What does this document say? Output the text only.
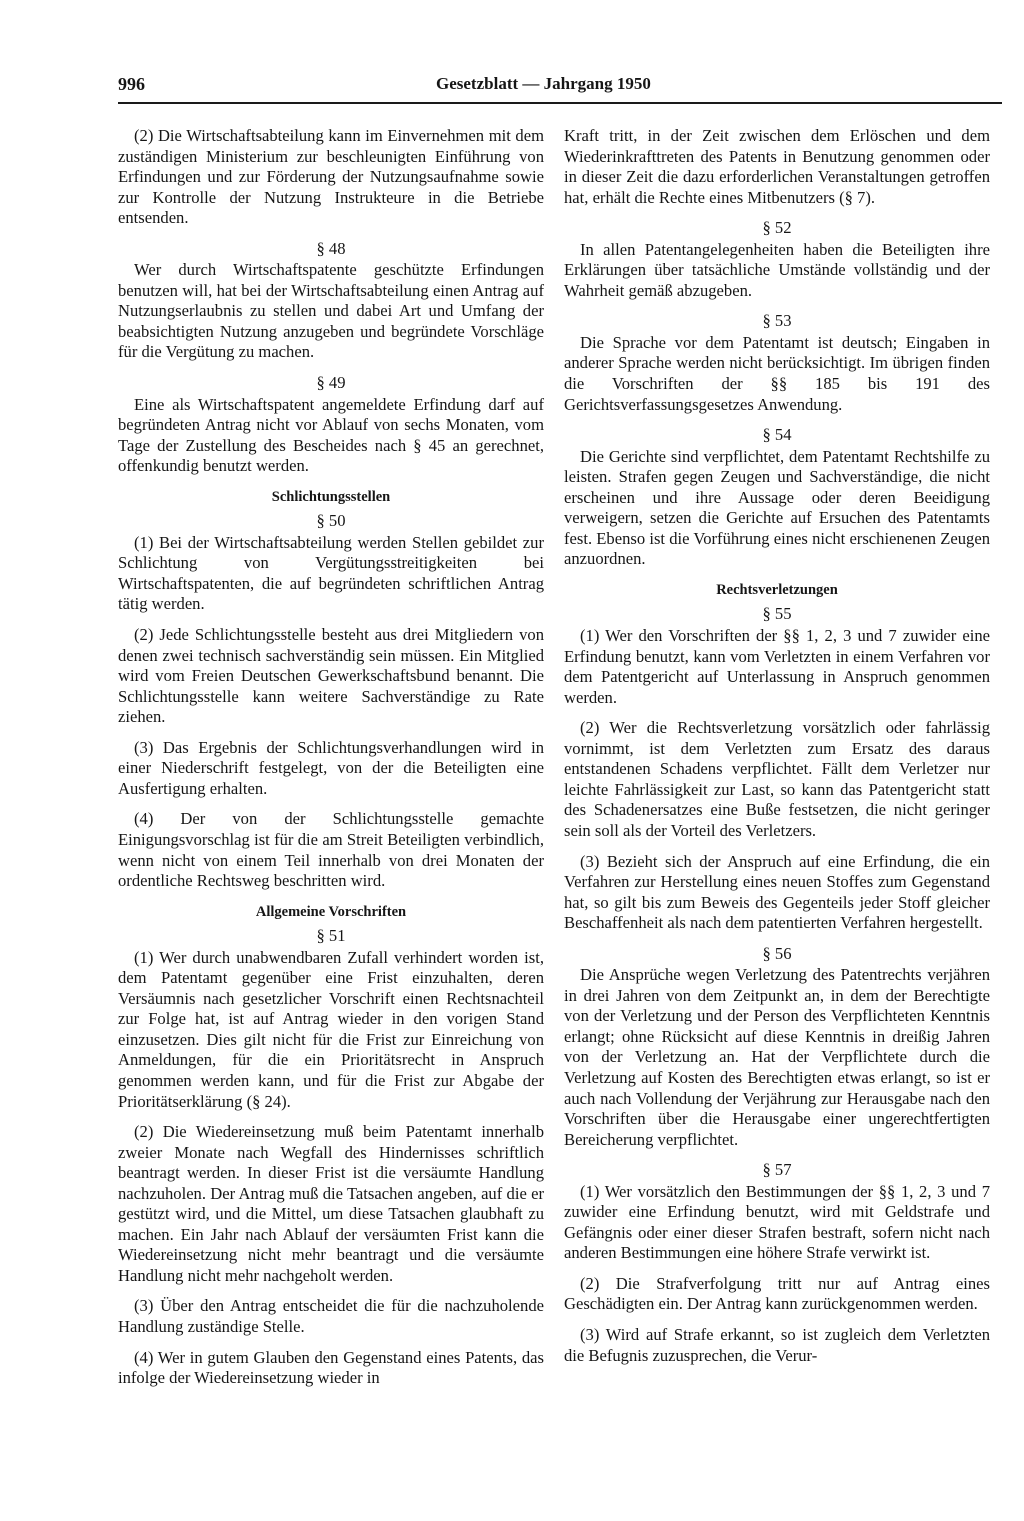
996	Gesetzblatt — Jahrgang 1950

(2) Die Wirtschaftsabteilung kann im Einvernehmen mit dem zuständigen Ministerium zur beschleunigten Einführung von Erfindungen und zur Förderung der Nutzungsaufnahme sowie zur Kontrolle der Nutzung Instrukteure in die Betriebe entsenden.

§ 48

Wer durch Wirtschaftspatente geschützte Erfindungen benutzen will, hat bei der Wirtschaftsabteilung einen Antrag auf Nutzungserlaubnis zu stellen und dabei Art und Umfang der beabsichtigten Nutzung anzugeben und begründete Vorschläge für die Vergütung zu machen.

§ 49

Eine als Wirtschaftspatent angemeldete Erfindung darf auf begründeten Antrag nicht vor Ablauf von sechs Monaten, vom Tage der Zustellung des Bescheides nach § 45 an gerechnet, offenkundig benutzt werden.

Schlichtungsstellen
§ 50

(1) Bei der Wirtschaftsabteilung werden Stellen gebildet zur Schlichtung von Vergütungsstreitigkeiten bei Wirtschaftspatenten, die auf begründeten schriftlichen Antrag tätig werden.

(2) Jede Schlichtungsstelle besteht aus drei Mitgliedern von denen zwei technisch sachverständig sein müssen. Ein Mitglied wird vom Freien Deutschen Gewerkschaftsbund benannt. Die Schlichtungsstelle kann weitere Sachverständige zu Rate ziehen.

(3) Das Ergebnis der Schlichtungsverhandlungen wird in einer Niederschrift festgelegt, von der die Beteiligten eine Ausfertigung erhalten.

(4) Der von der Schlichtungsstelle gemachte Einigungsvorschlag ist für die am Streit Beteiligten verbindlich, wenn nicht von einem Teil innerhalb von drei Monaten der ordentliche Rechtsweg beschritten wird.

Allgemeine Vorschriften
§ 51

(1) Wer durch unabwendbaren Zufall verhindert worden ist, dem Patentamt gegenüber eine Frist einzuhalten, deren Versäumnis nach gesetzlicher Vorschrift einen Rechtsnachteil zur Folge hat, ist auf Antrag wieder in den vorigen Stand einzusetzen. Dies gilt nicht für die Frist zur Einreichung von Anmeldungen, für die ein Prioritätsrecht in Anspruch genommen werden kann, und für die Frist zur Abgabe der Prioritätserklärung (§ 24).

(2) Die Wiedereinsetzung muß beim Patentamt innerhalb zweier Monate nach Wegfall des Hindernisses schriftlich beantragt werden. In dieser Frist ist die versäumte Handlung nachzuholen. Der Antrag muß die Tatsachen angeben, auf die er gestützt wird, und die Mittel, um diese Tatsachen glaubhaft zu machen. Ein Jahr nach Ablauf der versäumten Frist kann die Wiedereinsetzung nicht mehr beantragt und die versäumte Handlung nicht mehr nachgeholt werden.

(3) Über den Antrag entscheidet die für die nachzuholende Handlung zuständige Stelle.

(4) Wer in gutem Glauben den Gegenstand eines Patents, das infolge der Wiedereinsetzung wieder in

Kraft tritt, in der Zeit zwischen dem Erlöschen und dem Wiederinkrafttreten des Patents in Benutzung genommen oder in dieser Zeit die dazu erforderlichen Veranstaltungen getroffen hat, erhält die Rechte eines Mitbenutzers (§ 7).

§ 52

In allen Patentangelegenheiten haben die Beteiligten ihre Erklärungen über tatsächliche Umstände vollständig und der Wahrheit gemäß abzugeben.

§ 53

Die Sprache vor dem Patentamt ist deutsch; Eingaben in anderer Sprache werden nicht berücksichtigt. Im übrigen finden die Vorschriften der §§ 185 bis 191 des Gerichtsverfassungsgesetzes Anwendung.

§ 54

Die Gerichte sind verpflichtet, dem Patentamt Rechtshilfe zu leisten. Strafen gegen Zeugen und Sachverständige, die nicht erscheinen und ihre Aussage oder deren Beeidigung verweigern, setzen die Gerichte auf Ersuchen des Patentamts fest. Ebenso ist die Vorführung eines nicht erschienenen Zeugen anzuordnen.

Rechtsverletzungen
§ 55

(1) Wer den Vorschriften der §§ 1, 2, 3 und 7 zuwider eine Erfindung benutzt, kann vom Verletzten in einem Verfahren vor dem Patentgericht auf Unterlassung in Anspruch genommen werden.

(2) Wer die Rechtsverletzung vorsätzlich oder fahrlässig vornimmt, ist dem Verletzten zum Ersatz des daraus entstandenen Schadens verpflichtet. Fällt dem Verletzer nur leichte Fahrlässigkeit zur Last, so kann das Patentgericht statt des Schadenersatzes eine Buße festsetzen, die nicht geringer sein soll als der Vorteil des Verletzers.

(3) Bezieht sich der Anspruch auf eine Erfindung, die ein Verfahren zur Herstellung eines neuen Stoffes zum Gegenstand hat, so gilt bis zum Beweis des Gegenteils jeder Stoff gleicher Beschaffenheit als nach dem patentierten Verfahren hergestellt.

§ 56

Die Ansprüche wegen Verletzung des Patentrechts verjähren in drei Jahren von dem Zeitpunkt an, in dem der Berechtigte von der Verletzung und der Person des Verpflichteten Kenntnis erlangt; ohne Rücksicht auf diese Kenntnis in dreißig Jahren von der Verletzung an. Hat der Verpflichtete durch die Verletzung auf Kosten des Berechtigten etwas erlangt, so ist er auch nach Vollendung der Verjährung zur Herausgabe nach den Vorschriften über die Herausgabe einer ungerechtfertigten Bereicherung verpflichtet.

§ 57

(1) Wer vorsätzlich den Bestimmungen der §§ 1, 2, 3 und 7 zuwider eine Erfindung benutzt, wird mit Geldstrafe und Gefängnis oder einer dieser Strafen bestraft, sofern nicht nach anderen Bestimmungen eine höhere Strafe verwirkt ist.

(2) Die Strafverfolgung tritt nur auf Antrag eines Geschädigten ein. Der Antrag kann zurückgenommen werden.

(3) Wird auf Strafe erkannt, so ist zugleich dem Verletzten die Befugnis zuzusprechen, die Verur-
